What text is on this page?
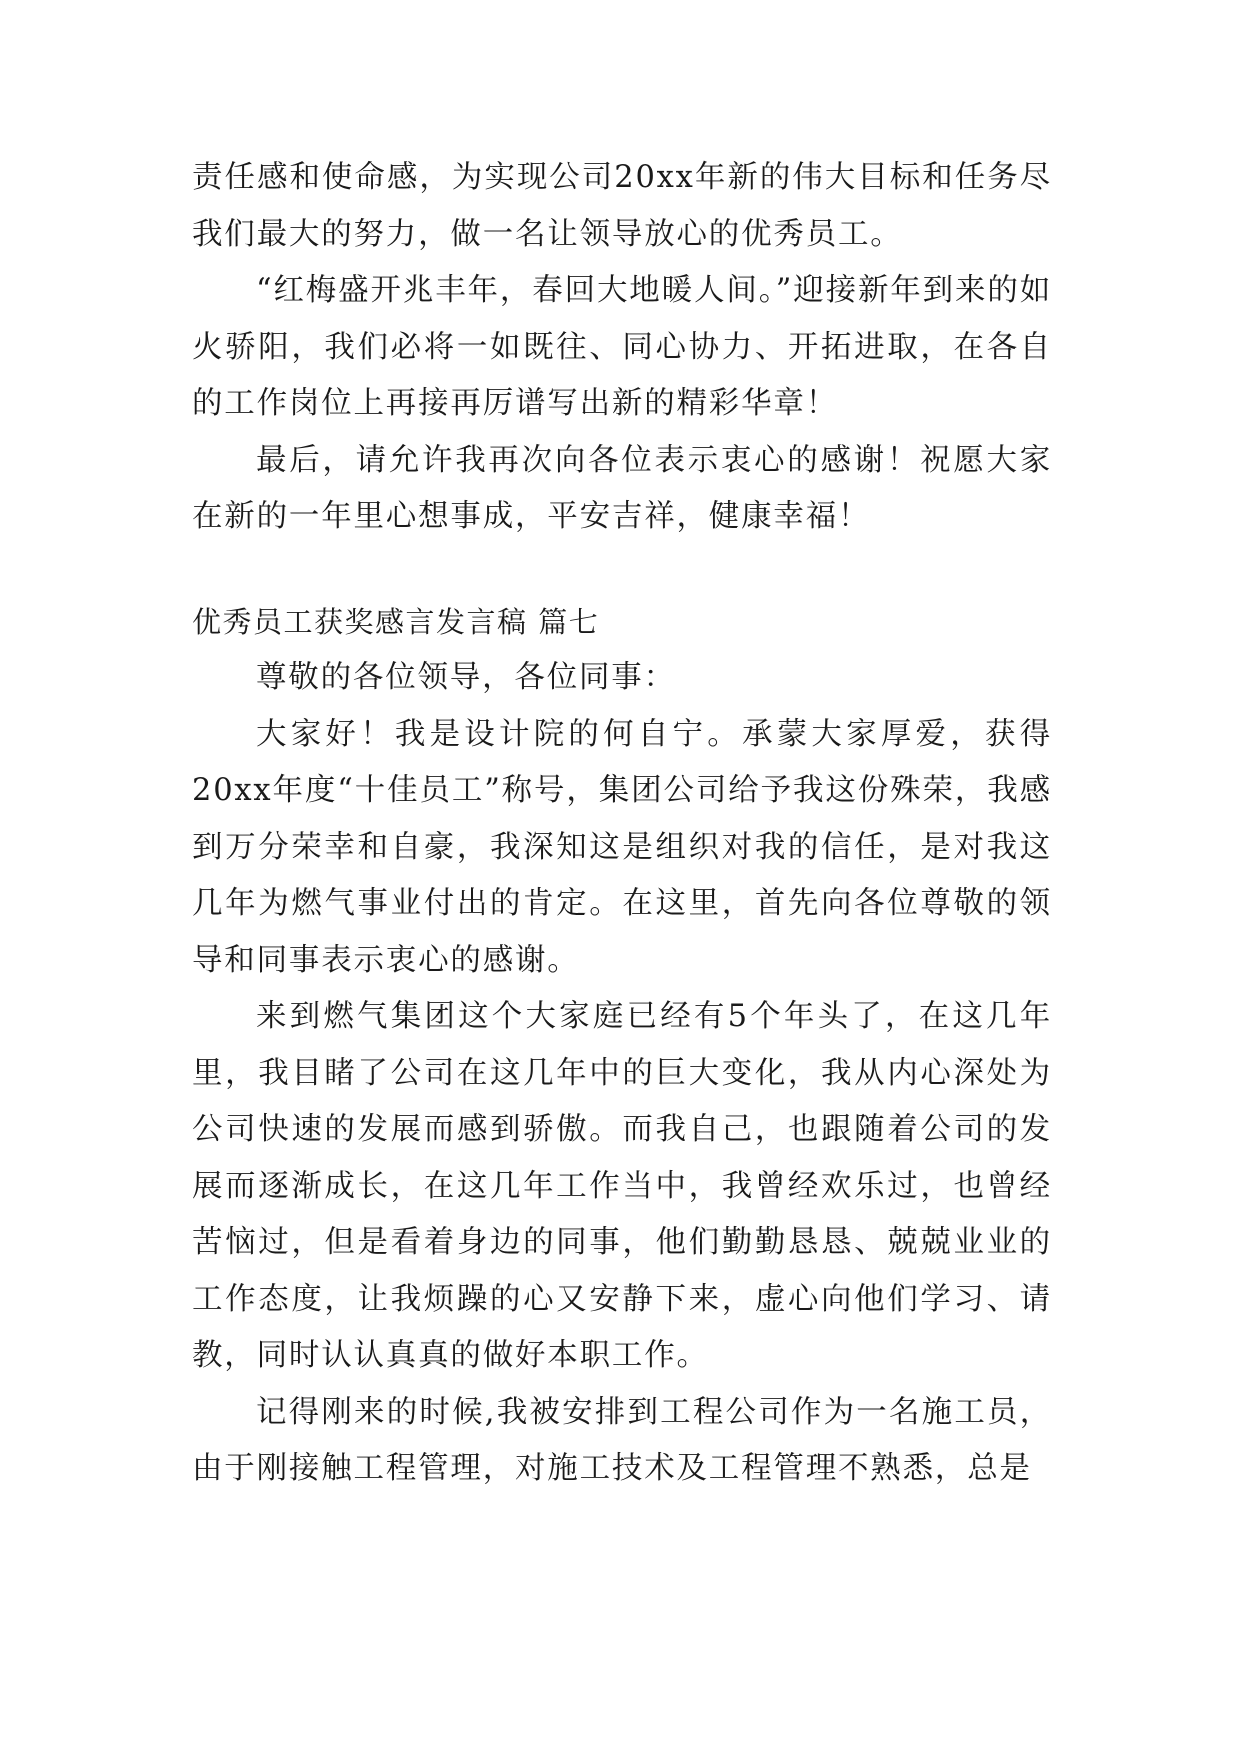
责任感和使命感，为实现公司20xx年新的伟大目标和任务尽我们最大的努力，做一名让领导放心的优秀员工。

“红梅盛开兆丰年，春回大地暖人间。”迎接新年到来的如火骄阳，我们必将一如既往、同心协力、开拓进取，在各自的工作岗位上再接再厉谱写出新的精彩华章！

最后，请允许我再次向各位表示衷心的感谢！祝愿大家在新的一年里心想事成，平安吉祥，健康幸福！

优秀员工获奖感言发言稿 篇七

尊敬的各位领导，各位同事：

大家好！我是设计院的何自宁。承蒙大家厚爱，获得20xx年度“十佳员工”称号，集团公司给予我这份殊荣，我感到万分荣幸和自豪，我深知这是组织对我的信任，是对我这几年为燃气事业付出的肯定。在这里，首先向各位尊敬的领导和同事表示衷心的感谢。

来到燃气集团这个大家庭已经有5个年头了，在这几年里，我目睹了公司在这几年中的巨大变化，我从内心深处为公司快速的发展而感到骄傲。而我自己，也跟随着公司的发展而逐渐成长，在这几年工作当中，我曾经欢乐过，也曾经苦恼过，但是看着身边的同事，他们勤勤恳恳、兢兢业业的工作态度，让我烦躁的心又安静下来，虚心向他们学习、请教，同时认认真真的做好本职工作。

记得刚来的时候,我被安排到工程公司作为一名施工员，由于刚接触工程管理，对施工技术及工程管理不熟悉，总是
